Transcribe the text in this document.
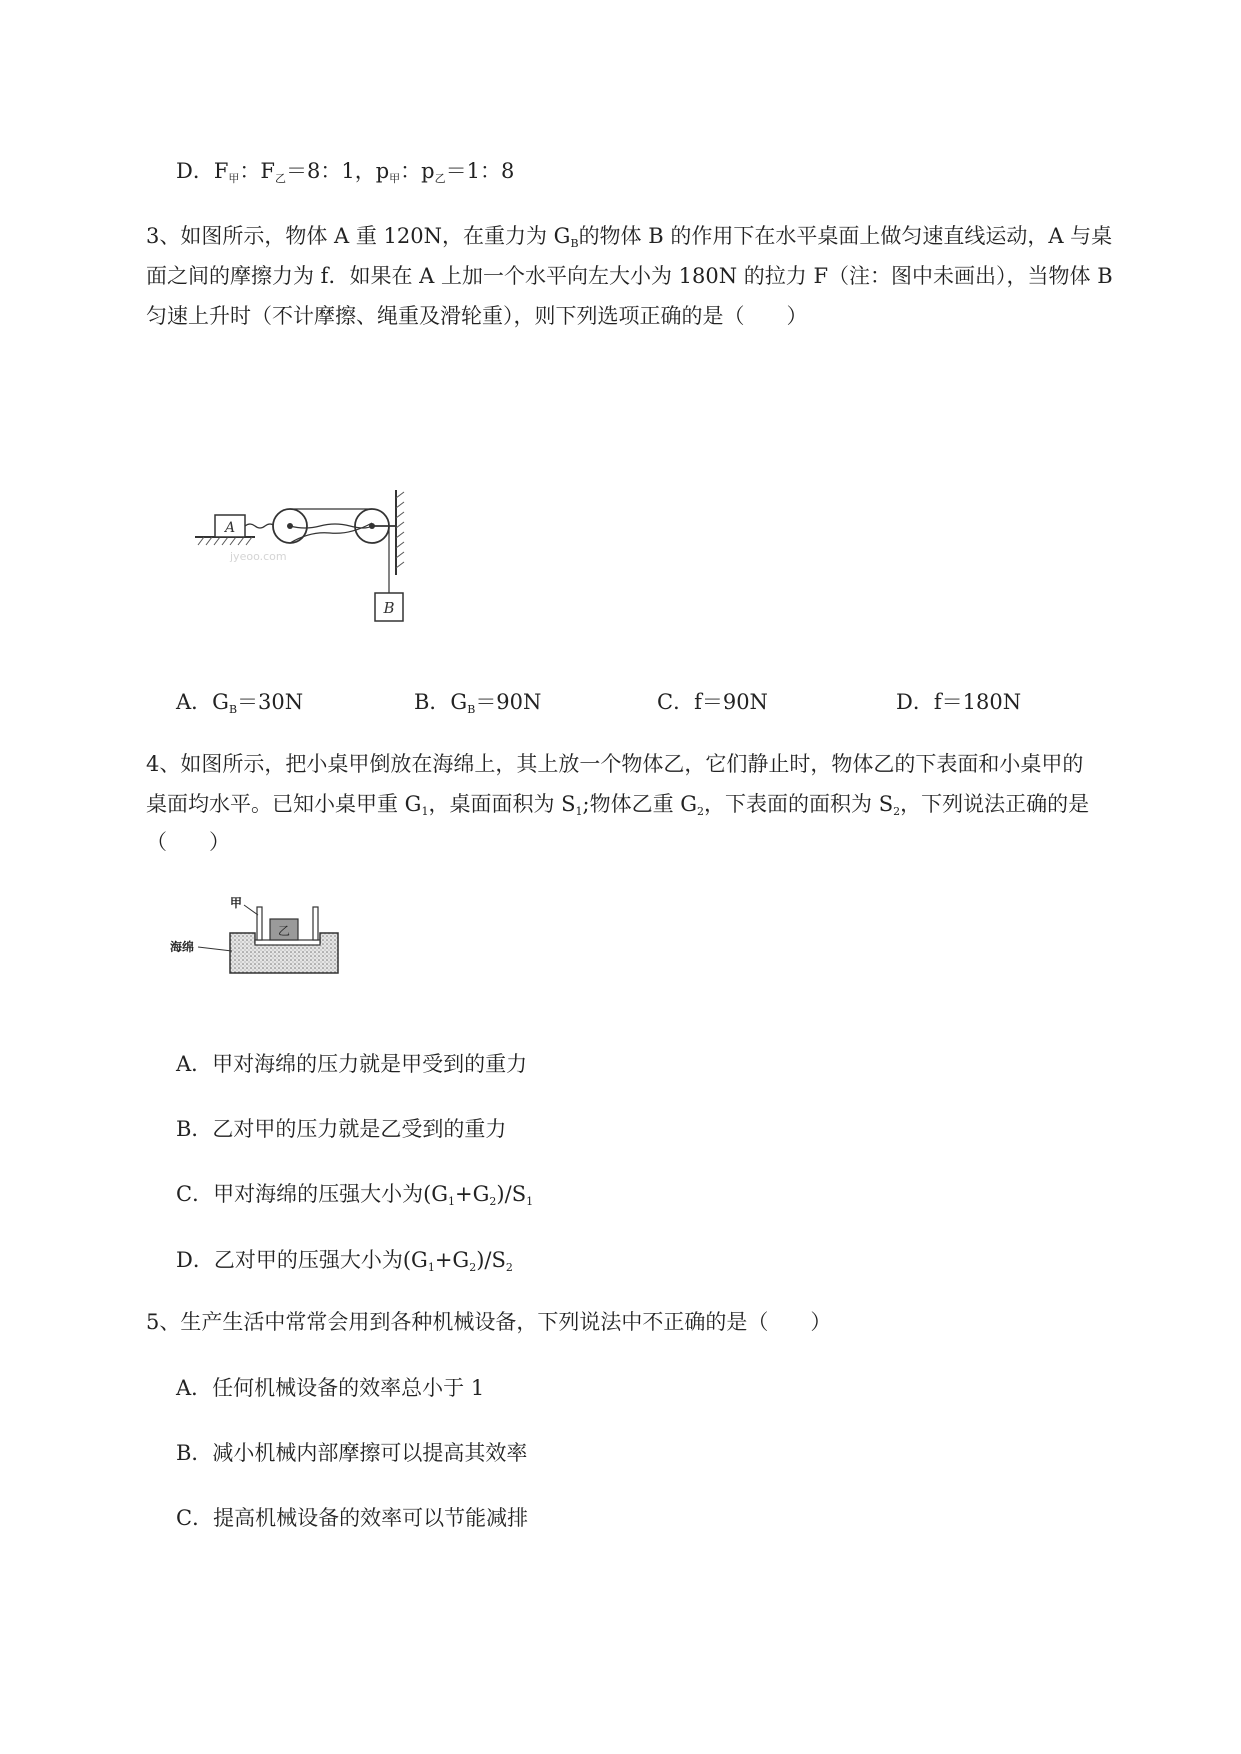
D．$F_甲$：$F_乙=8$：1，$p_甲$：$p_乙=1$：8
3、如图所示，物体 A 重 120N，在重力为 $G_B$的物体 B 的作用下在水平桌面上做匀速直线运动，A 与桌
面之间的摩擦力为 f．如果在 A 上加一个水平向左大小为 180N 的拉力 F（注：图中未画出），当物体 B
匀速上升时（不计摩擦、绳重及滑轮重），则下列选项正确的是（　　）
A
B
jyeoo.com
A．$G_B=30N$	B．$G_B=90N$	C．f＝90N	D．f＝180N
4、如图所示，把小桌甲倒放在海绵上，其上放一个物体乙，它们静止时，物体乙的下表面和小桌甲的
桌面均水平。已知小桌甲重 $G_1$，桌面面积为 $S_1$;物体乙重 $G_2$，下表面的面积为 $S_2$，下列说法正确的是
（　　）
乙
甲
海绵
A．甲对海绵的压力就是甲受到的重力
B．乙对甲的压力就是乙受到的重力
C．甲对海绵的压强大小为$(G_1+G_2)/S_1$
D．乙对甲的压强大小为$(G_1+G_2)/S_2$
5、生产生活中常常会用到各种机械设备，下列说法中不正确的是（　　）
A．任何机械设备的效率总小于 1
B．减小机械内部摩擦可以提高其效率
C．提高机械设备的效率可以节能减排
